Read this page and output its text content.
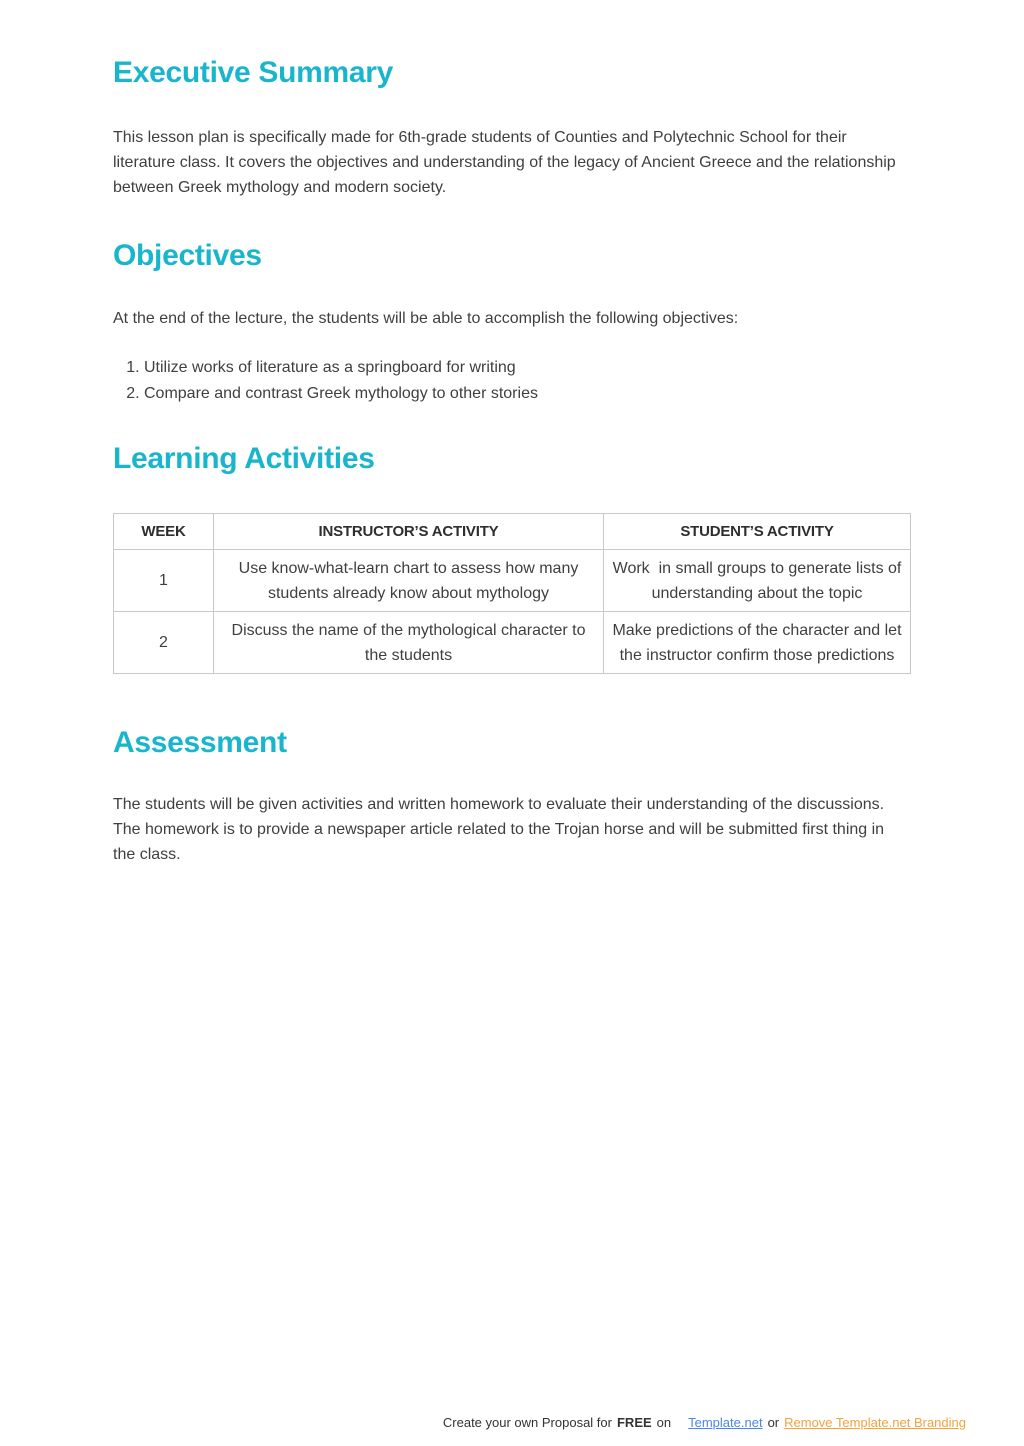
Executive Summary

This lesson plan is specifically made for 6th-grade students of Counties and Polytechnic School for their literature class. It covers the objectives and understanding of the legacy of Ancient Greece and the relationship between Greek mythology and modern society.

Objectives

At the end of the lecture, the students will be able to accomplish the following objectives:

1. Utilize works of literature as a springboard for writing
2. Compare and contrast Greek mythology to other stories
Learning Activities
WEEK	INSTRUCTOR’S ACTIVITY	STUDENT’S ACTIVITY
1	Use know-what-learn chart to assess how many students already know about mythology	Work  in small groups to generate lists of understanding about the topic
2	Discuss the name of the mythological character to the students	Make predictions of the character and let the instructor confirm those predictions
Assessment

The students will be given activities and written homework to evaluate their understanding of the discussions. The homework is to provide a newspaper article related to the Trojan horse and will be submitted first thing in the class.

Create your own Proposal for FREE on Template.net or Remove Template.net Branding
